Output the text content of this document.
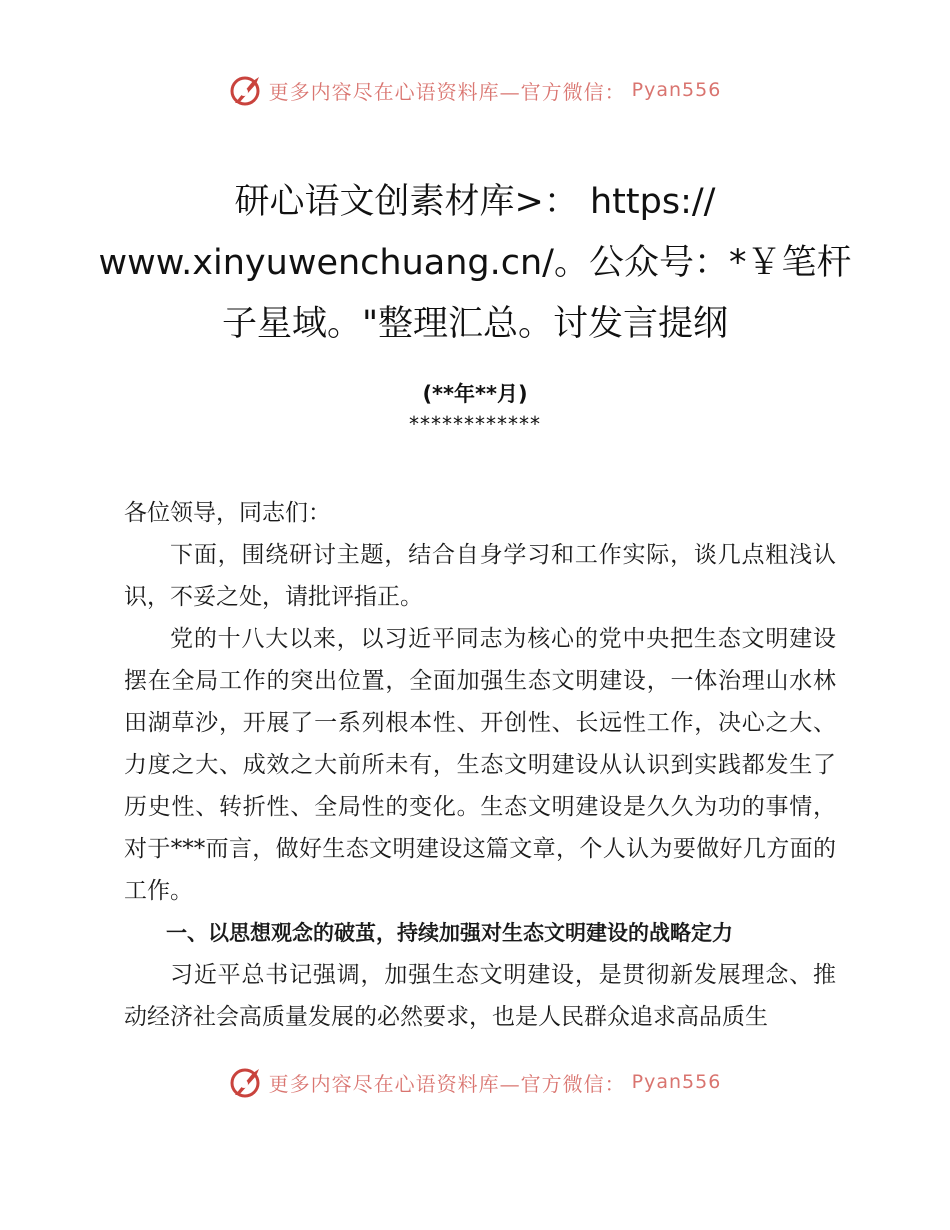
更多内容尽在心语资料库—官方微信： Pyan556
研心语文创素材库>： https://
www.xinyuwenchuang.cn/。公众号：*￥笔杆
子星域。"整理汇总。讨发言提纲
(**年**月)
************

各位领导，同志们：

下面，围绕研讨主题，结合自身学习和工作实际，谈几点粗浅认识，不妥之处，请批评指正。

党的十八大以来，以习近平同志为核心的党中央把生态文明建设摆在全局工作的突出位置，全面加强生态文明建设，一体治理山水林田湖草沙，开展了一系列根本性、开创性、长远性工作，决心之大、力度之大、成效之大前所未有，生态文明建设从认识到实践都发生了历史性、转折性、全局性的变化。生态文明建设是久久为功的事情，对于***而言，做好生态文明建设这篇文章，个人认为要做好几方面的工作。

一、以思想观念的破茧，持续加强对生态文明建设的战略定力

习近平总书记强调，加强生态文明建设，是贯彻新发展理念、推动经济社会高质量发展的必然要求，也是人民群众追求高品质生

更多内容尽在心语资料库—官方微信： Pyan556
